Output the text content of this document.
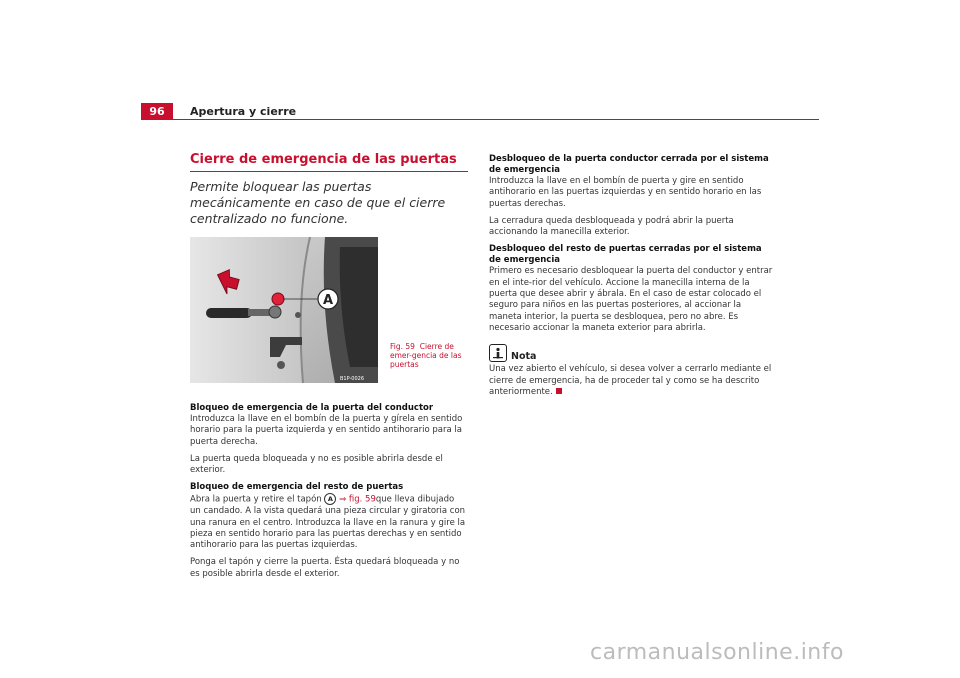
96	Apertura y cierre
Cierre de emergencia de las puertas

Permite bloquear las puertas mecánicamente en caso de que el cierre centralizado no funcione.

A
B1P-0026

Bloqueo de emergencia de la puerta del conductor

Introduzca la llave en el bombín de la puerta y gírela en sentido horario para la puerta izquierda y en sentido antihorario para la puerta derecha.

La puerta queda bloqueada y no es posible abrirla desde el exterior.

Bloqueo de emergencia del resto de puertas

Abra la puerta y retire el tapón A ⇒ fig. 59que lleva dibujado un candado. A la vista quedará una pieza circular y giratoria con una ranura en el centro. Introduzca la llave en la ranura y gire la pieza en sentido horario para las puertas derechas y en sentido antihorario para las puertas izquierdas.

Ponga el tapón y cierre la puerta. Ésta quedará bloqueada y no es posible abrirla desde el exterior.

Fig. 59 Cierre de emer-gencia de las puertas

Desbloqueo de la puerta conductor cerrada por el sistema de emergencia

Introduzca la llave en el bombín de puerta y gire en sentido antihorario en las puertas izquierdas y en sentido horario en las puertas derechas.

La cerradura queda desbloqueada y podrá abrir la puerta accionando la manecilla exterior.

Desbloqueo del resto de puertas cerradas por el sistema de emergencia

Primero es necesario desbloquear la puerta del conductor y entrar en el inte-rior del vehículo. Accione la manecilla interna de la puerta que desee abrir y ábrala. En el caso de estar colocado el seguro para niños en las puertas posteriores, al accionar la maneta interior, la puerta se desbloquea, pero no abre. Es necesario accionar la maneta exterior para abrirla.

Nota

Una vez abierto el vehículo, si desea volver a cerrarlo mediante el cierre de emergencia, ha de proceder tal y como se ha descrito anteriormente.

carmanualsonline.info
